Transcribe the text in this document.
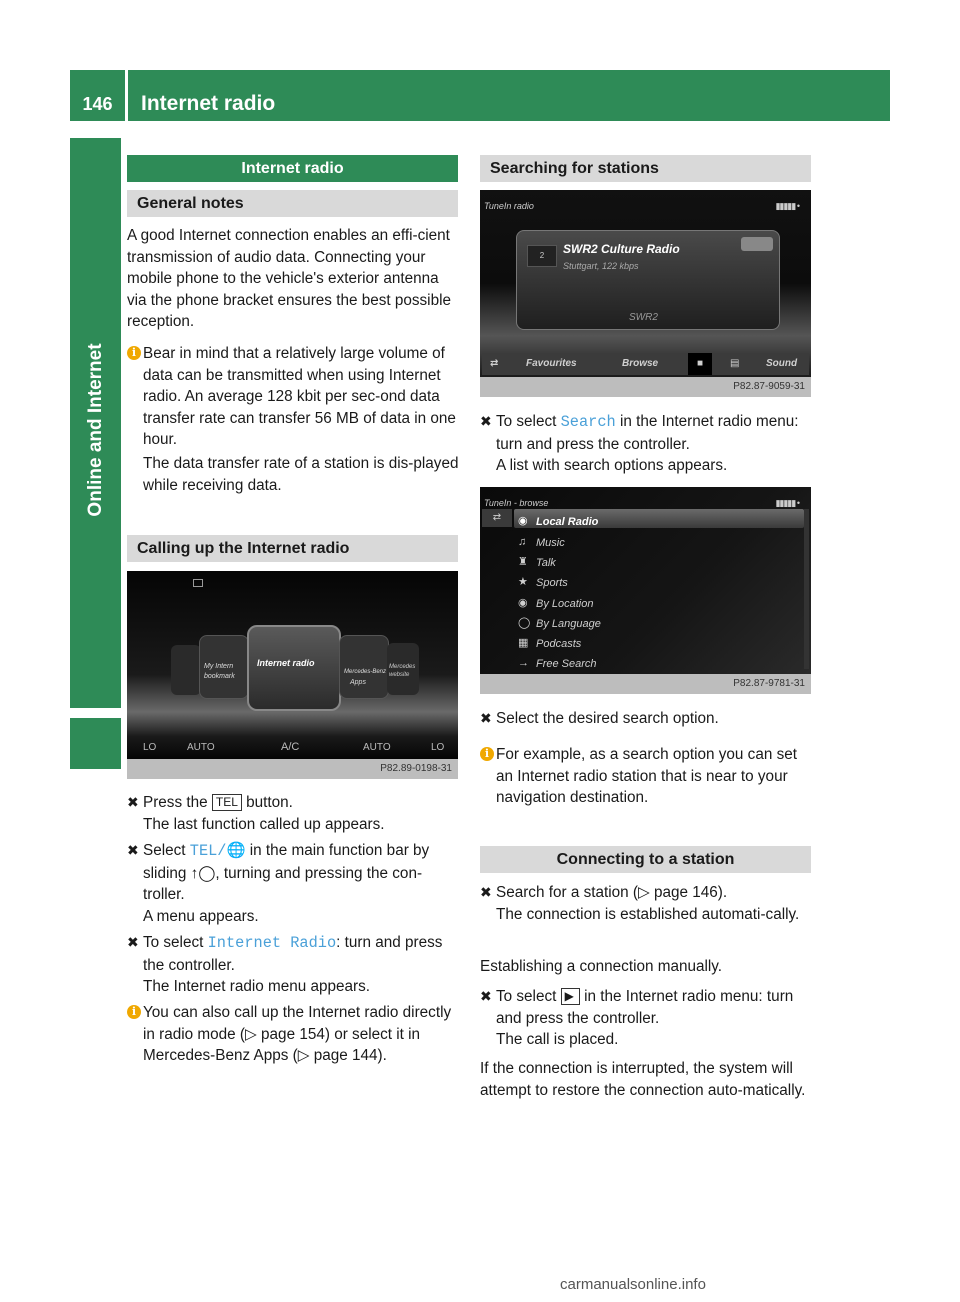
146	Internet radio
Online and Internet
Internet radio
General notes
A good Internet connection enables an effi-cient transmission of audio data. Connecting your mobile phone to the vehicle's exterior antenna via the phone bracket ensures the best possible reception.
i Bear in mind that a relatively large volume of data can be transmitted when using Internet radio. An average 128 kbit per sec-ond data transfer rate can transfer 56 MB of data in one hour.
The data transfer rate of a station is dis-played while receiving data.
Calling up the Internet radio
My Intern
bookmark
Internet radio
Mercedes-Benz
Apps
Mercedes
website
LO	AUTO	A/C	AUTO	LO
P82.89-0198-31
✖ Press the TEL button.
The last function called up appears.
✖ Select TEL/🌐 in the main function bar by sliding ↑◯, turning and pressing the con-troller.
A menu appears.
✖ To select Internet Radio: turn and press the controller.
The Internet radio menu appears.
i You can also call up the Internet radio directly in radio mode (▷ page 154) or select it in Mercedes-Benz Apps (▷ page 144).
Searching for stations
TuneIn radio	▮▮▮▮▮ •
2	SWR2 Culture Radio
Stuttgart, 122 kbps
SWR2
⇄	Favourites	Browse	■	▤	Sound
P82.87-9059-31
✖ To select Search in the Internet radio menu: turn and press the controller.
A list with search options appears.
TuneIn - browse	▮▮▮▮▮ •
⇄	◉ Local Radio
♫ Music
♜ Talk
★ Sports
◉ By Location
◯ By Language
▦ Podcasts
→ Free Search
P82.87-9781-31
✖ Select the desired search option.
i For example, as a search option you can set an Internet radio station that is near to your navigation destination.
Connecting to a station
✖ Search for a station (▷ page 146).
The connection is established automati-cally.
Establishing a connection manually.
✖ To select ▶   in the Internet radio menu: turn and press the controller.
The call is placed.
If the connection is interrupted, the system will attempt to restore the connection auto-matically.
carmanualsonline.info
